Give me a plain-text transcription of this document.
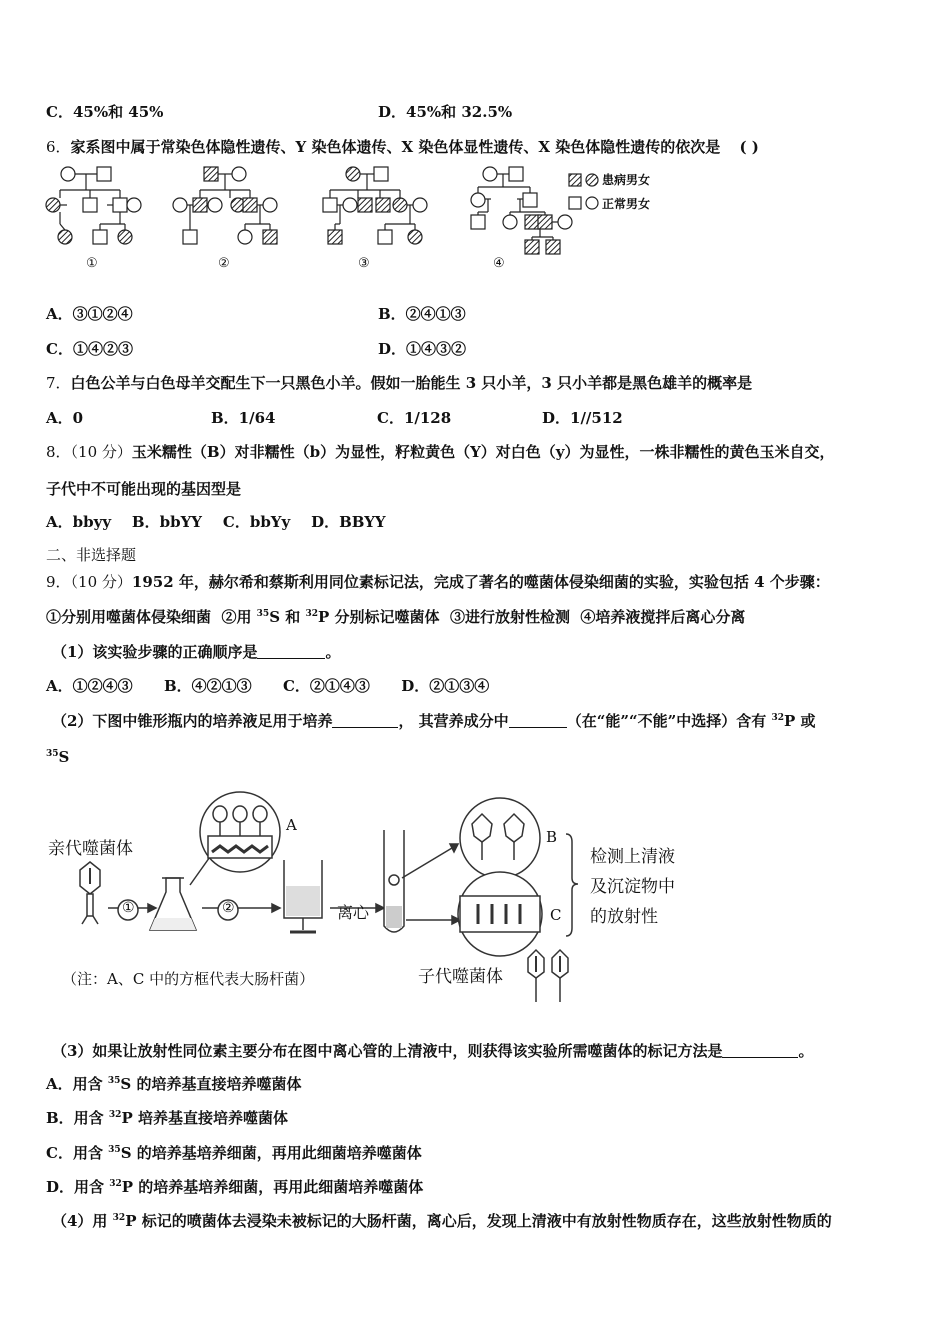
C．45%和 45%	D．45%和 32.5%
6．家系图中属于常染色体隐性遗传、Y 染色体遗传、X 染色体显性遗传、X 染色体隐性遗传的依次是 ( )
患病男女
正常男女
①	②	③	④
A．③①②④	B．②④①③
C．①④②③	D．①④③②
7．白色公羊与白色母羊交配生下一只黑色小羊。假如一胎能生 3 只小羊，3 只小羊都是黑色雄羊的概率是
A．0	B．1/64	C．1/128	D．1//512
8．（10 分）玉米糯性（B）对非糯性（b）为显性，籽粒黄色（Y）对白色（y）为显性，一株非糯性的黄色玉米自交，
子代中不可能出现的基因型是
A．bbyy    B．bbYY    C．bbYy    D．BBYY
二、非选择题
9．（10 分）1952 年，赫尔希和蔡斯利用同位素标记法，完成了著名的噬菌体侵染细菌的实验，实验包括 4 个步骤：
①分别用噬菌体侵染细菌  ②用 $^{35}$S 和 $^{32}$P 分别标记噬菌体  ③进行放射性检测  ④培养液搅拌后离心分离
（1）该实验步骤的正确顺序是	。
A．①②④③      B．④②①③      C．②①④③      D．②①③④
（2）下图中锥形瓶内的培养液足用于培养	， 其营养成分中	（在“能”“不能”中选择）含有 $^{32}$P 或
$^{35}$S
亲代噬菌体
①	②
A
离心
B
C
检测上清液
及沉淀物中
的放射性
子代噬菌体
（注：A、C 中的方框代表大肠杆菌）
（3）如果让放射性同位素主要分布在图中离心管的上清液中，则获得该实验所需噬菌体的标记方法是	。
A．用含 $^{35}$S 的培养基直接培养噬菌体
B．用含 $^{32}$P 培养基直接培养噬菌体
C．用含 $^{35}$S 的培养基培养细菌，再用此细菌培养噬菌体
D．用含 $^{32}$P 的培养基培养细菌，再用此细菌培养噬菌体
（4）用 $^{32}$P 标记的喷菌体去浸染未被标记的大肠杆菌，离心后，发现上清液中有放射性物质存在，这些放射性物质的
